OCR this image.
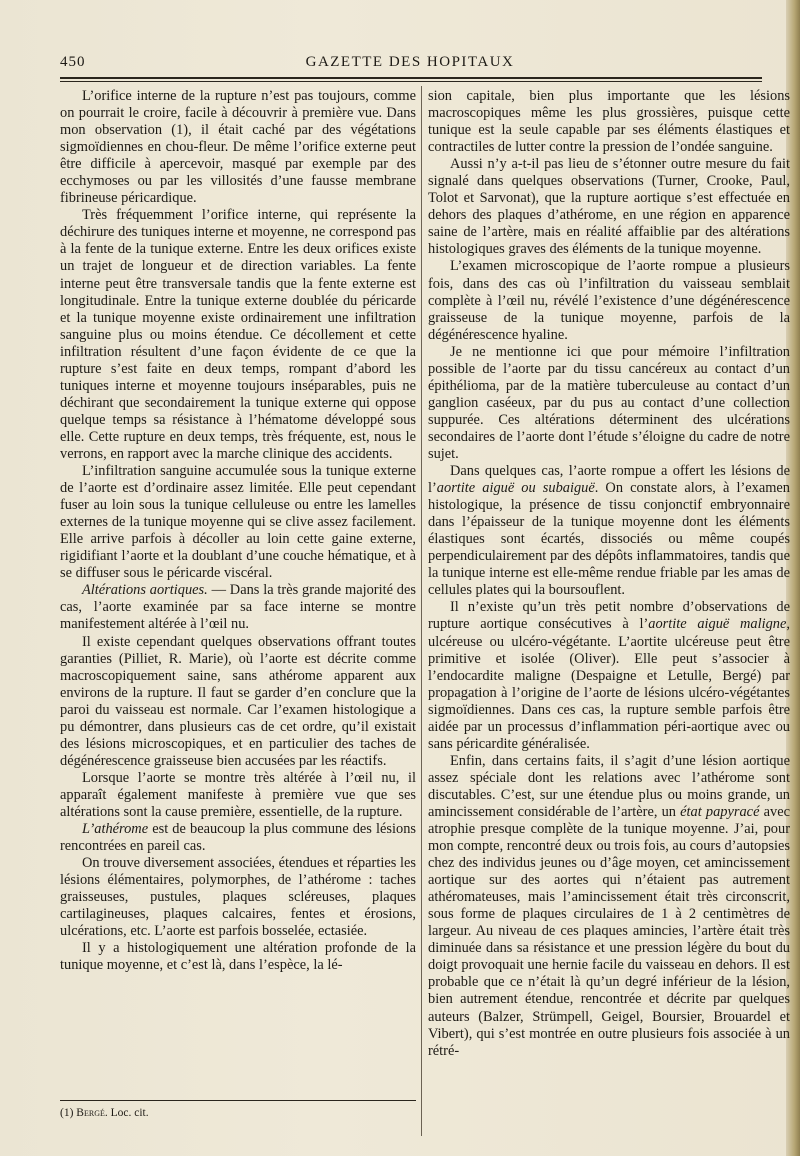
450	GAZETTE DES HOPITAUX

L’orifice interne de la rupture n’est pas toujours, comme on pourrait le croire, facile à découvrir à première vue. Dans mon observation (1), il était caché par des végétations sigmoïdiennes en chou-fleur. De même l’orifice externe peut être difficile à apercevoir, masqué par exemple par des ecchymoses ou par les villosités d’une fausse membrane fibrineuse péricardique.

Très fréquemment l’orifice interne, qui représente la déchirure des tuniques interne et moyenne, ne correspond pas à la fente de la tunique externe. Entre les deux orifices existe un trajet de longueur et de direction variables. La fente interne peut être transversale tandis que la fente externe est longitudinale. Entre la tunique externe doublée du péricarde et la tunique moyenne existe ordinairement une infiltration sanguine plus ou moins étendue. Ce décollement et cette infiltration résultent d’une façon évidente de ce que la rupture s’est faite en deux temps, rompant d’abord les tuniques interne et moyenne toujours inséparables, puis ne déchirant que secondairement la tunique externe qui oppose quelque temps sa résistance à l’hématome développé sous elle. Cette rupture en deux temps, très fréquente, est, nous le verrons, en rapport avec la marche clinique des accidents.

L’infiltration sanguine accumulée sous la tunique externe de l’aorte est d’ordinaire assez limitée. Elle peut cependant fuser au loin sous la tunique celluleuse ou entre les lamelles externes de la tunique moyenne qui se clive assez facilement. Elle arrive parfois à décoller au loin cette gaine externe, rigidifiant l’aorte et la doublant d’une couche hématique, et à se diffuser sous le péricarde viscéral.

Altérations aortiques. — Dans la très grande majorité des cas, l’aorte examinée par sa face interne se montre manifestement altérée à l’œil nu.

Il existe cependant quelques observations offrant toutes garanties (Pilliet, R. Marie), où l’aorte est décrite comme macroscopiquement saine, sans athérome apparent aux environs de la rupture. Il faut se garder d’en conclure que la paroi du vaisseau est normale. Car l’examen histologique a pu démontrer, dans plusieurs cas de cet ordre, qu’il existait des lésions microscopiques, et en particulier des taches de dégénérescence graisseuse bien accusées par les réactifs.

Lorsque l’aorte se montre très altérée à l’œil nu, il apparaît également manifeste à première vue que ses altérations sont la cause première, essentielle, de la rupture.

L’athérome est de beaucoup la plus commune des lésions rencontrées en pareil cas.

On trouve diversement associées, étendues et réparties les lésions élémentaires, polymorphes, de l’athérome : taches graisseuses, pustules, plaques scléreuses, plaques cartilagineuses, plaques calcaires, fentes et érosions, ulcérations, etc. L’aorte est parfois bosselée, ectasiée.

Il y a histologiquement une altération profonde de la tunique moyenne, et c’est là, dans l’espèce, la lé-

sion capitale, bien plus importante que les lésions macroscopiques même les plus grossières, puisque cette tunique est la seule capable par ses éléments élastiques et contractiles de lutter contre la pression de l’ondée sanguine.

Aussi n’y a-t-il pas lieu de s’étonner outre mesure du fait signalé dans quelques observations (Turner, Crooke, Paul, Tolot et Sarvonat), que la rupture aortique s’est effectuée en dehors des plaques d’athérome, en une région en apparence saine de l’artère, mais en réalité affaiblie par des altérations histologiques graves des éléments de la tunique moyenne.

L’examen microscopique de l’aorte rompue a plusieurs fois, dans des cas où l’infiltration du vaisseau semblait complète à l’œil nu, révélé l’existence d’une dégénérescence graisseuse de la tunique moyenne, parfois de la dégénérescence hyaline.

Je ne mentionne ici que pour mémoire l’infiltration possible de l’aorte par du tissu cancéreux au contact d’un épithélioma, par de la matière tuberculeuse au contact d’un ganglion caséeux, par du pus au contact d’une collection suppurée. Ces altérations déterminent des ulcérations secondaires de l’aorte dont l’étude s’éloigne du cadre de notre sujet.

Dans quelques cas, l’aorte rompue a offert les lésions de l’aortite aiguë ou subaiguë. On constate alors, à l’examen histologique, la présence de tissu conjonctif embryonnaire dans l’épaisseur de la tunique moyenne dont les éléments élastiques sont écartés, dissociés ou même coupés perpendiculairement par des dépôts inflammatoires, tandis que la tunique interne est elle-même rendue friable par les amas de cellules plates qui la boursouflent.

Il n’existe qu’un très petit nombre d’observations de rupture aortique consécutives à l’aortite aiguë maligne, ulcéreuse ou ulcéro-végétante. L’aortite ulcéreuse peut être primitive et isolée (Oliver). Elle peut s’associer à l’endocardite maligne (Despaigne et Letulle, Bergé) par propagation à l’origine de l’aorte de lésions ulcéro-végétantes sigmoïdiennes. Dans ces cas, la rupture semble parfois être aidée par un processus d’inflammation péri-aortique avec ou sans péricardite généralisée.

Enfin, dans certains faits, il s’agit d’une lésion aortique assez spéciale dont les relations avec l’athérome sont discutables. C’est, sur une étendue plus ou moins grande, un amincissement considérable de l’artère, un état papyracé avec atrophie presque complète de la tunique moyenne. J’ai, pour mon compte, rencontré deux ou trois fois, au cours d’autopsies chez des individus jeunes ou d’âge moyen, cet amincissement aortique sur des aortes qui n’étaient pas autrement athéromateuses, mais l’amincissement était très circonscrit, sous forme de plaques circulaires de 1 à 2 centimètres de largeur. Au niveau de ces plaques amincies, l’artère était très diminuée dans sa résistance et une pression légère du bout du doigt provoquait une hernie facile du vaisseau en dehors. Il est probable que ce n’était là qu’un degré inférieur de la lésion, bien autrement étendue, rencontrée et décrite par quelques auteurs (Balzer, Strümpell, Geigel, Boursier, Brouardel et Vibert), qui s’est montrée en outre plusieurs fois associée à un rétré-

(1) Bergé. Loc. cit.
